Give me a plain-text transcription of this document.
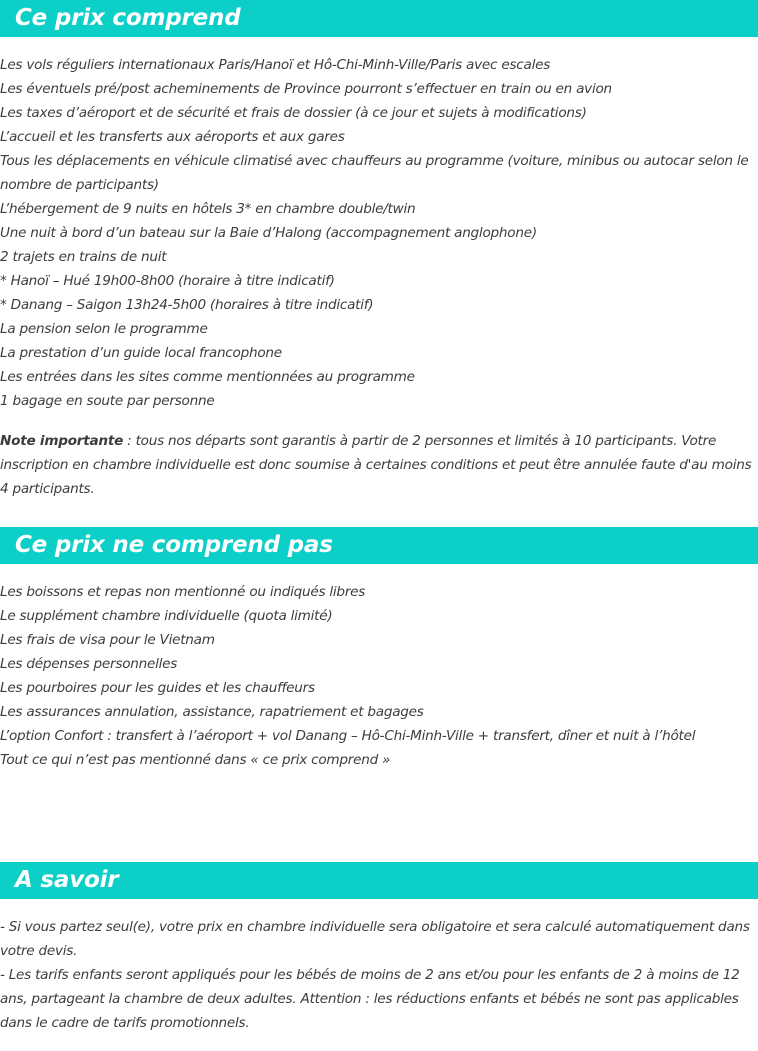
Ce prix comprend
Les vols réguliers internationaux Paris/Hanoï et Hô-Chi-Minh-Ville/Paris avec escales
Les éventuels pré/post acheminements de Province pourront s’effectuer en train ou en avion
Les taxes d’aéroport et de sécurité et frais de dossier (à ce jour et sujets à modifications)
L’accueil et les transferts aux aéroports et aux gares
Tous les déplacements en véhicule climatisé avec chauffeurs au programme (voiture, minibus ou autocar selon le nombre de participants)
L’hébergement de 9 nuits en hôtels 3* en chambre double/twin
Une nuit à bord d’un bateau sur la Baie d’Halong (accompagnement anglophone)
2 trajets en trains de nuit
* Hanoï – Hué 19h00-8h00 (horaire à titre indicatif)
* Danang – Saigon 13h24-5h00 (horaires à titre indicatif)
La pension selon le programme
La prestation d’un guide local francophone
Les entrées dans les sites comme mentionnées au programme
1 bagage en soute par personne
Note importante : tous nos départs sont garantis à partir de 2 personnes et limités à 10 participants. Votre inscription en chambre individuelle est donc soumise à certaines conditions et peut être annulée faute d'au moins 4 participants.
Ce prix ne comprend pas
Les boissons et repas non mentionné ou indiqués libres
Le supplément chambre individuelle (quota limité)
Les frais de visa pour le Vietnam
Les dépenses personnelles
Les pourboires pour les guides et les chauffeurs
Les assurances annulation, assistance, rapatriement et bagages
L’option Confort : transfert à l’aéroport + vol Danang – Hô-Chi-Minh-Ville + transfert, dîner et nuit à l’hôtel
Tout ce qui n’est pas mentionné dans « ce prix comprend »
A savoir
- Si vous partez seul(e), votre prix en chambre individuelle sera obligatoire et sera calculé automatiquement dans votre devis.
- Les tarifs enfants seront appliqués pour les bébés de moins de 2 ans et/ou pour les enfants de 2 à moins de 12 ans, partageant la chambre de deux adultes. Attention : les réductions enfants et bébés ne sont pas applicables dans le cadre de tarifs promotionnels.
